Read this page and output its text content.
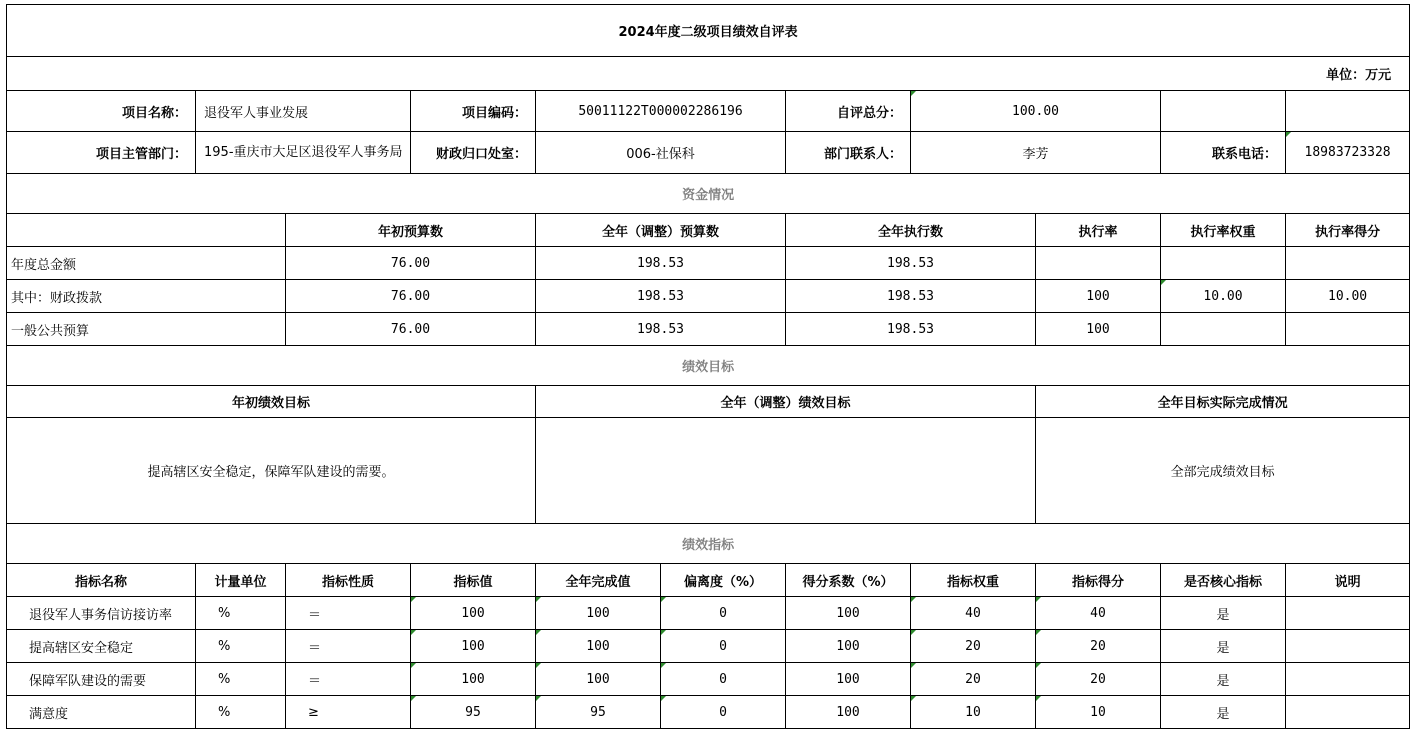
2024年度二级项目绩效自评表										
单位：万元										
项目名称：	退役军人事业发展		项目编码：	50011122T000002286196		自评总分：	100.00			
项目主管部门：	195-重庆市大足区退役军人事务局		财政归口处室：	006-社保科		部门联系人：	李芳		联系电话：	18983723328
资金情况										
		年初预算数		全年（调整）预算数		全年执行数		执行率	执行率权重	执行率得分
年度总金额		76.00		198.53		198.53				
其中：财政拨款		76.00		198.53		198.53		100	10.00	10.00
一般公共预算		76.00		198.53		198.53		100		
绩效目标										
年初绩效目标				全年（调整）绩效目标				全年目标实际完成情况		
提高辖区安全稳定，保障军队建设的需要。								全部完成绩效目标		
绩效指标										
指标名称	计量单位	指标性质	指标值	全年完成值	偏离度（%）	得分系数（%）	指标权重	指标得分	是否核心指标	说明
退役军人事务信访接访率	%	＝	100	100	0	100	40	40	是	
提高辖区安全稳定	%	＝	100	100	0	100	20	20	是	
保障军队建设的需要	%	＝	100	100	0	100	20	20	是	
满意度	%	≥	95	95	0	100	10	10	是	
